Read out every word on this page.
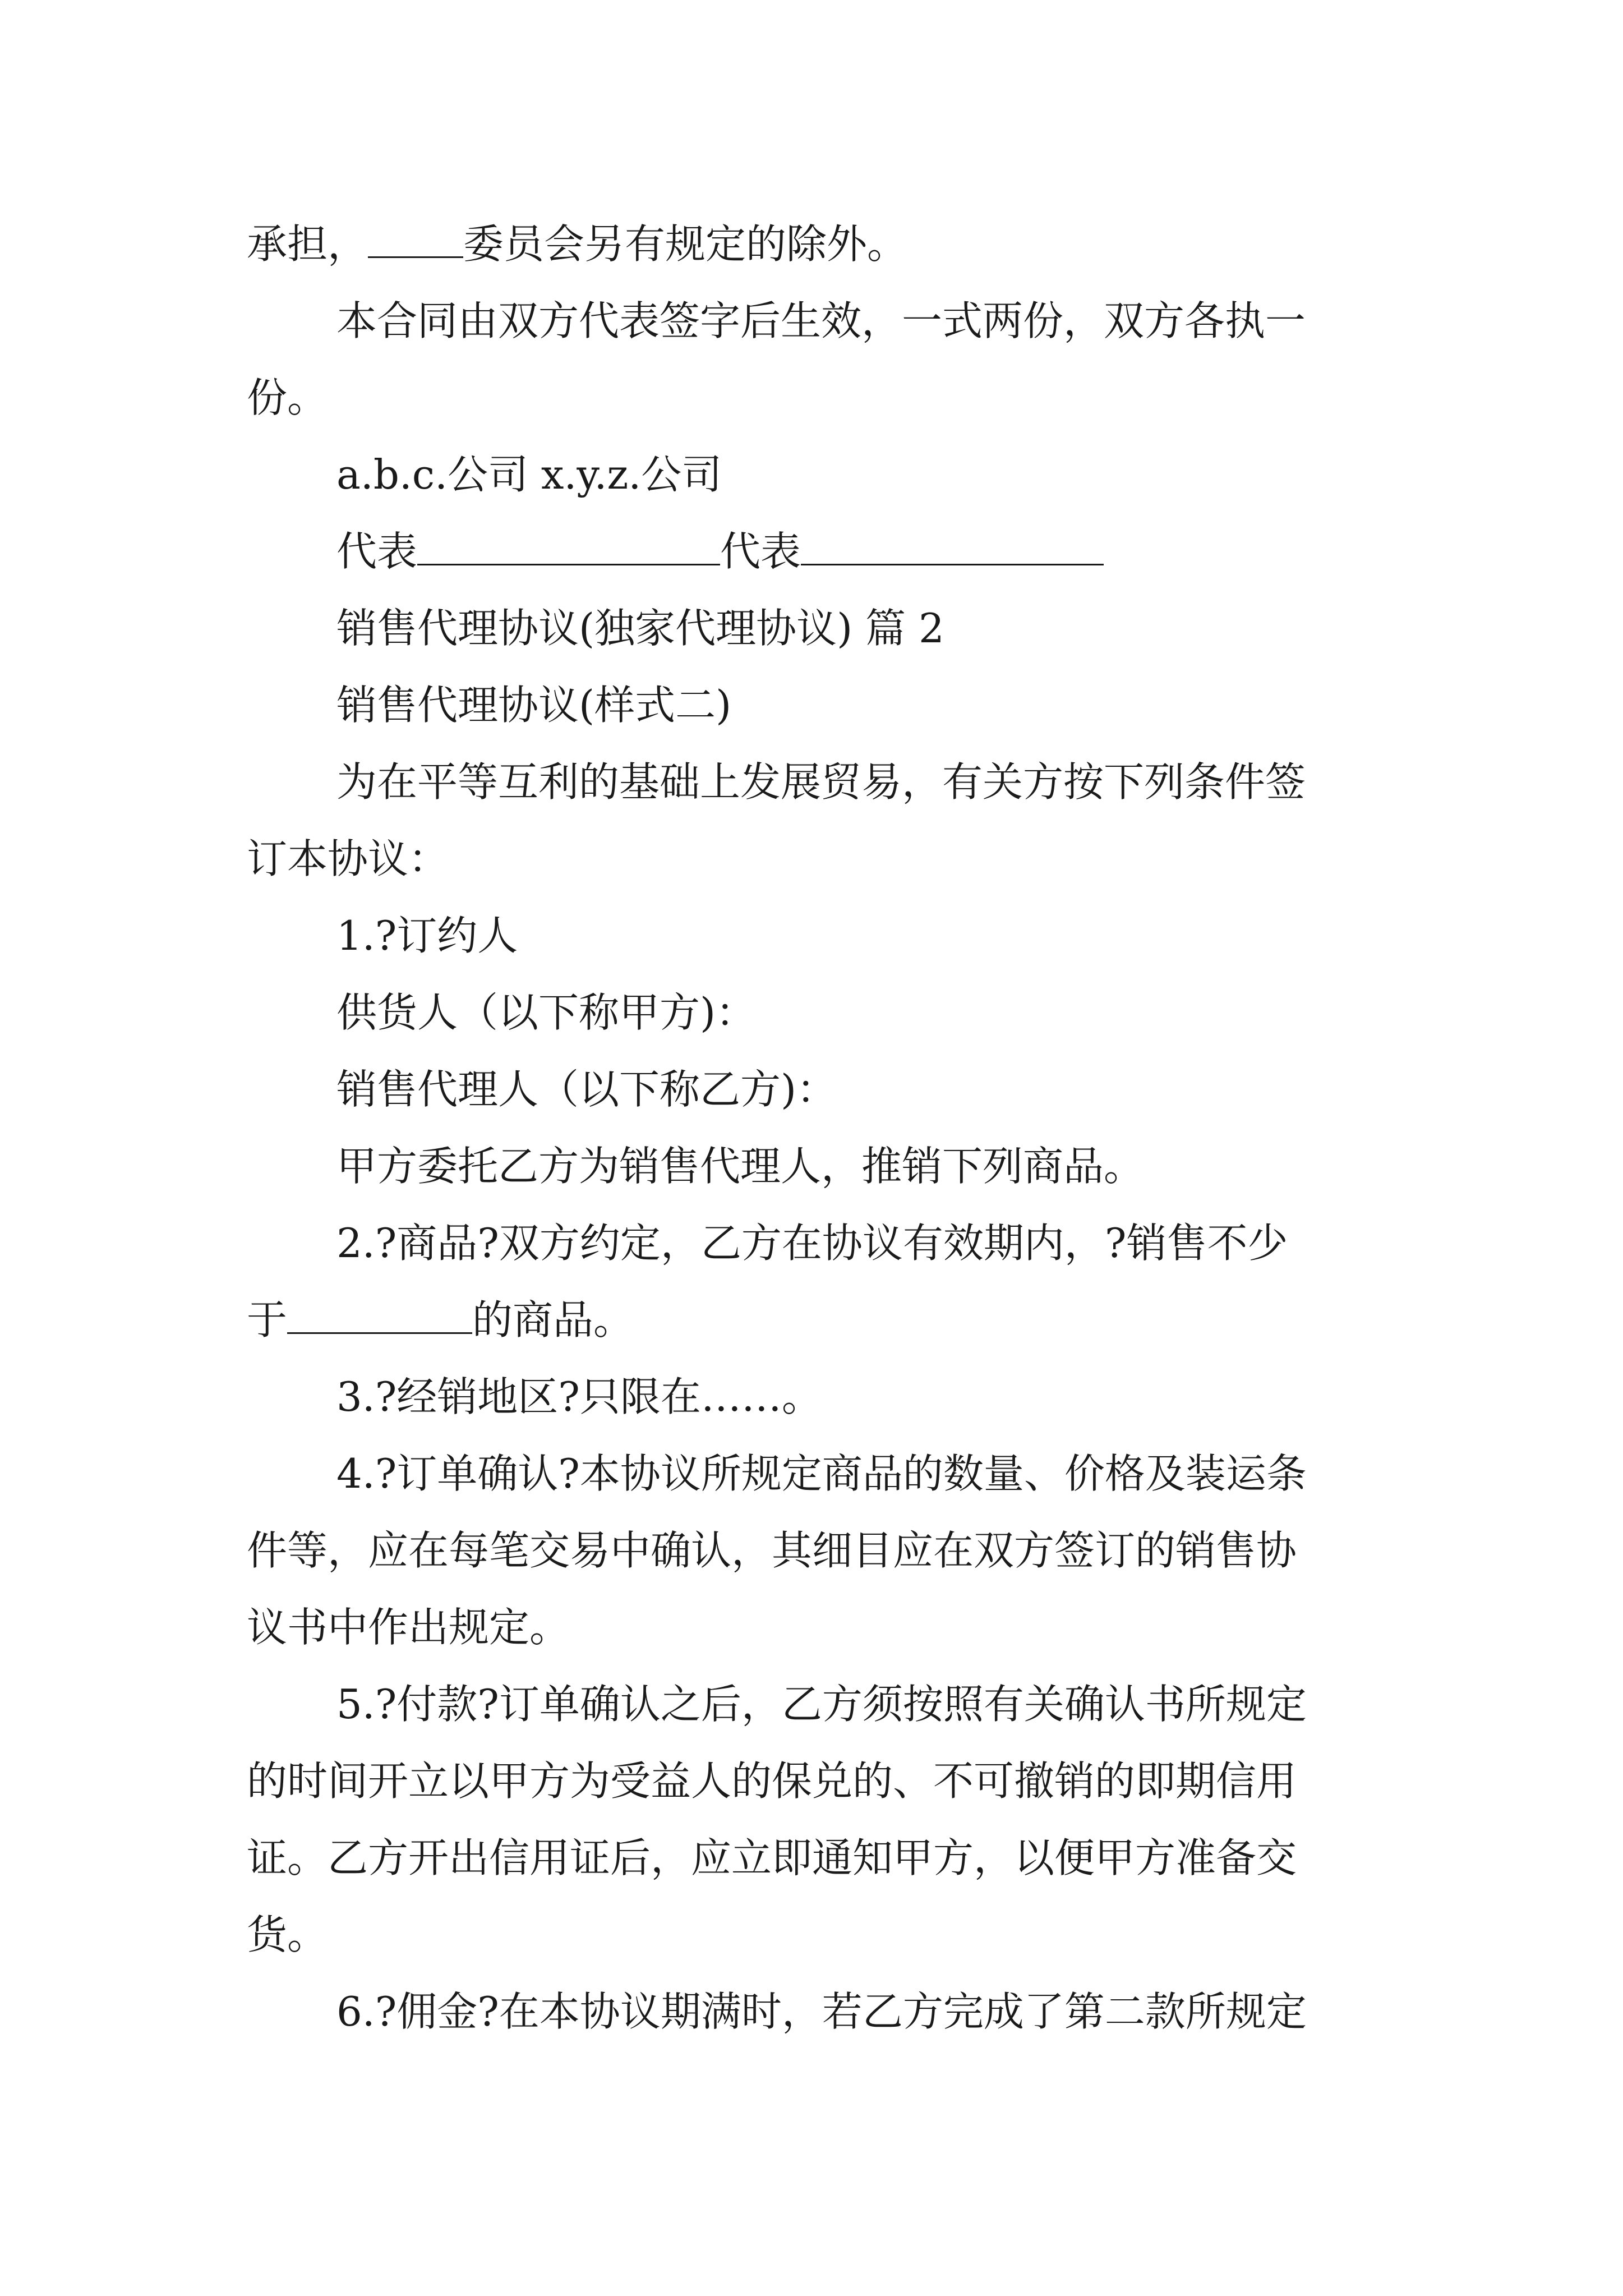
承担， 委员会另有规定的除外。
本合同由双方代表签字后生效，一式两份，双方各执一
份。
a.b.c.公司 x.y.z.公司
代表	代表
销售代理协议(独家代理协议) 篇 2
销售代理协议(样式二)
为在平等互利的基础上发展贸易，有关方按下列条件签
订本协议：
1.?订约人
供货人（以下称甲方)：
销售代理人（以下称乙方)：
甲方委托乙方为销售代理人，推销下列商品。
2.?商品?双方约定，乙方在协议有效期内，?销售不少
于	的商品。
3.?经销地区?只限在……。
4.?订单确认?本协议所规定商品的数量、价格及装运条
件等，应在每笔交易中确认，其细目应在双方签订的销售协
议书中作出规定。
5.?付款?订单确认之后，乙方须按照有关确认书所规定
的时间开立以甲方为受益人的保兑的、不可撤销的即期信用
证。乙方开出信用证后，应立即通知甲方，以便甲方准备交
货。
6.?佣金?在本协议期满时，若乙方完成了第二款所规定
